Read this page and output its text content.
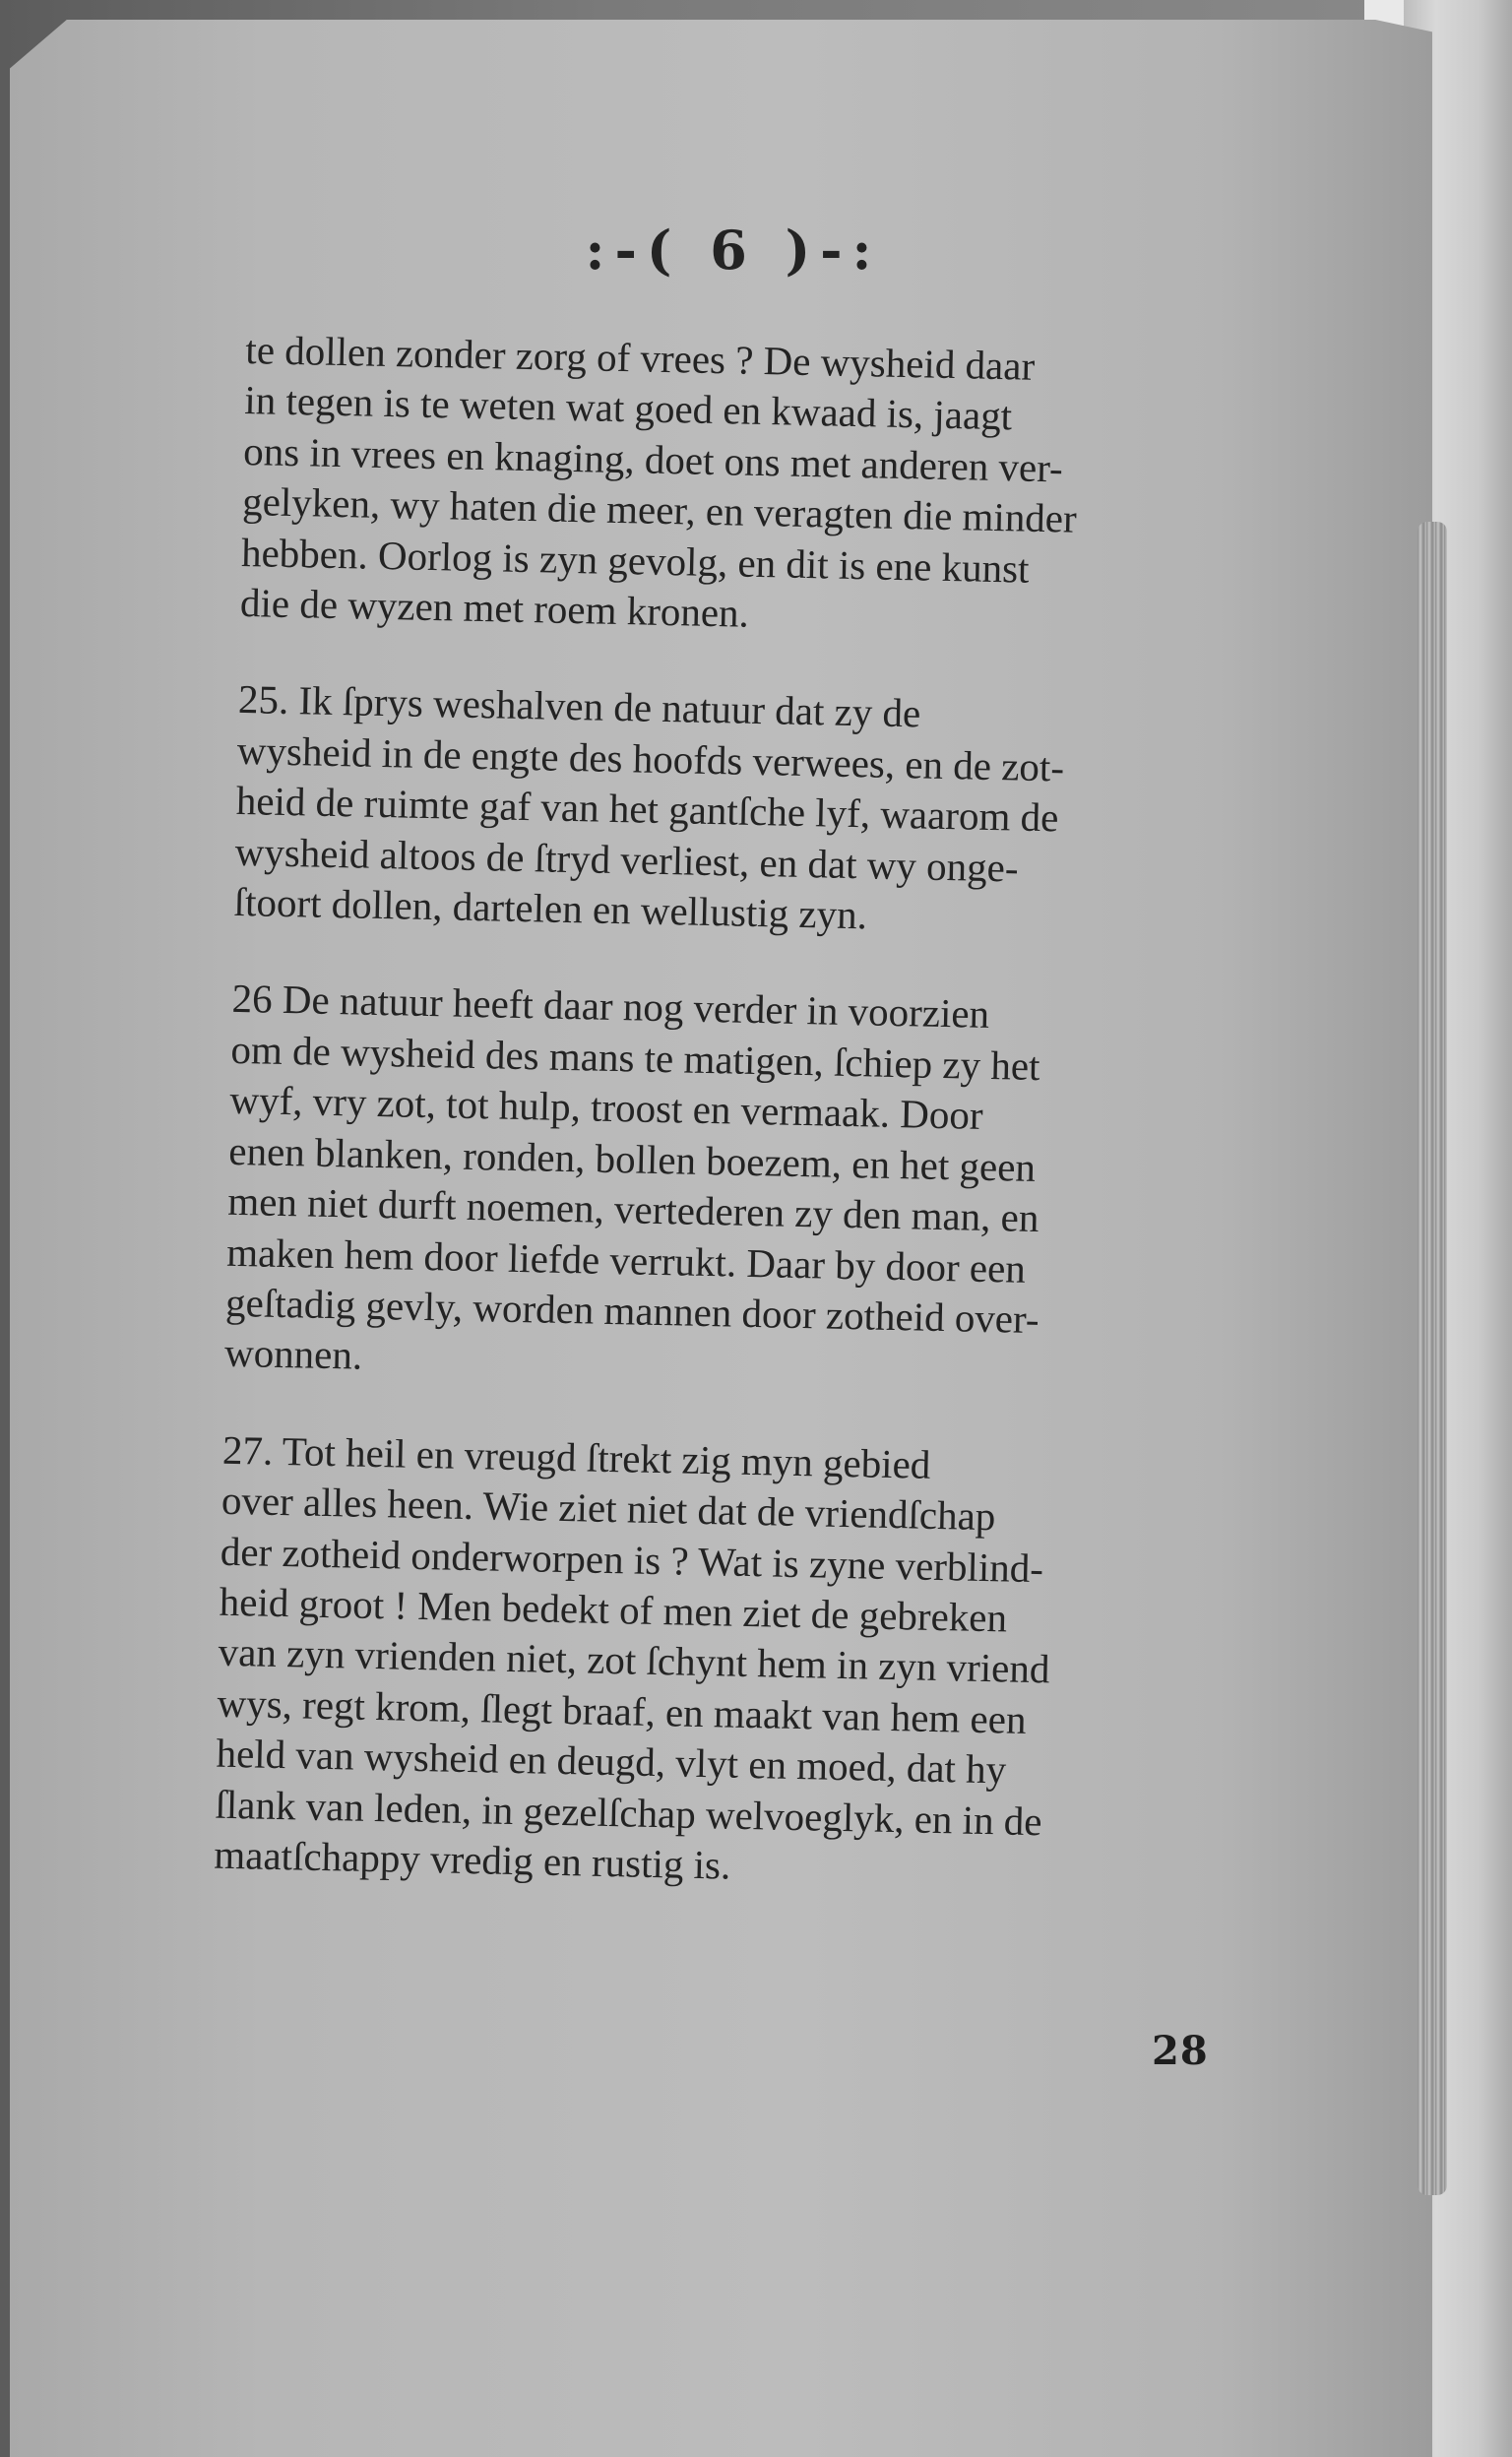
:-( 6 )-:

te dollen zonder zorg of vrees ? De wysheid daar
in tegen is te weten wat goed en kwaad is, jaagt
ons in vrees en knaging, doet ons met anderen ver-
gelyken, wy haten die meer, en veragten die minder
hebben. Oorlog is zyn gevolg, en dit is ene kunst
die de wyzen met roem kronen.

25. Ik ſprys weshalven de natuur dat zy de
wysheid in de engte des hoofds verwees, en de zot-
heid de ruimte gaf van het gantſche lyf, waarom de
wysheid altoos de ſtryd verliest, en dat wy onge-
ſtoort dollen, dartelen en wellustig zyn.

26 De natuur heeft daar nog verder in voorzien
om de wysheid des mans te matigen, ſchiep zy het
wyf, vry zot, tot hulp, troost en vermaak. Door
enen blanken, ronden, bollen boezem, en het geen
men niet durft noemen, vertederen zy den man, en
maken hem door liefde verrukt. Daar by door een
geſtadig gevly, worden mannen door zotheid over-
wonnen.

27. Tot heil en vreugd ſtrekt zig myn gebied
over alles heen. Wie ziet niet dat de vriendſchap
der zotheid onderworpen is ? Wat is zyne verblind-
heid groot ! Men bedekt of men ziet de gebreken
van zyn vrienden niet, zot ſchynt hem in zyn vriend
wys, regt krom, ſlegt braaf, en maakt van hem een
held van wysheid en deugd, vlyt en moed, dat hy
ſlank van leden, in gezelſchap welvoeglyk, en in de
maatſchappy vredig en rustig is.

28
